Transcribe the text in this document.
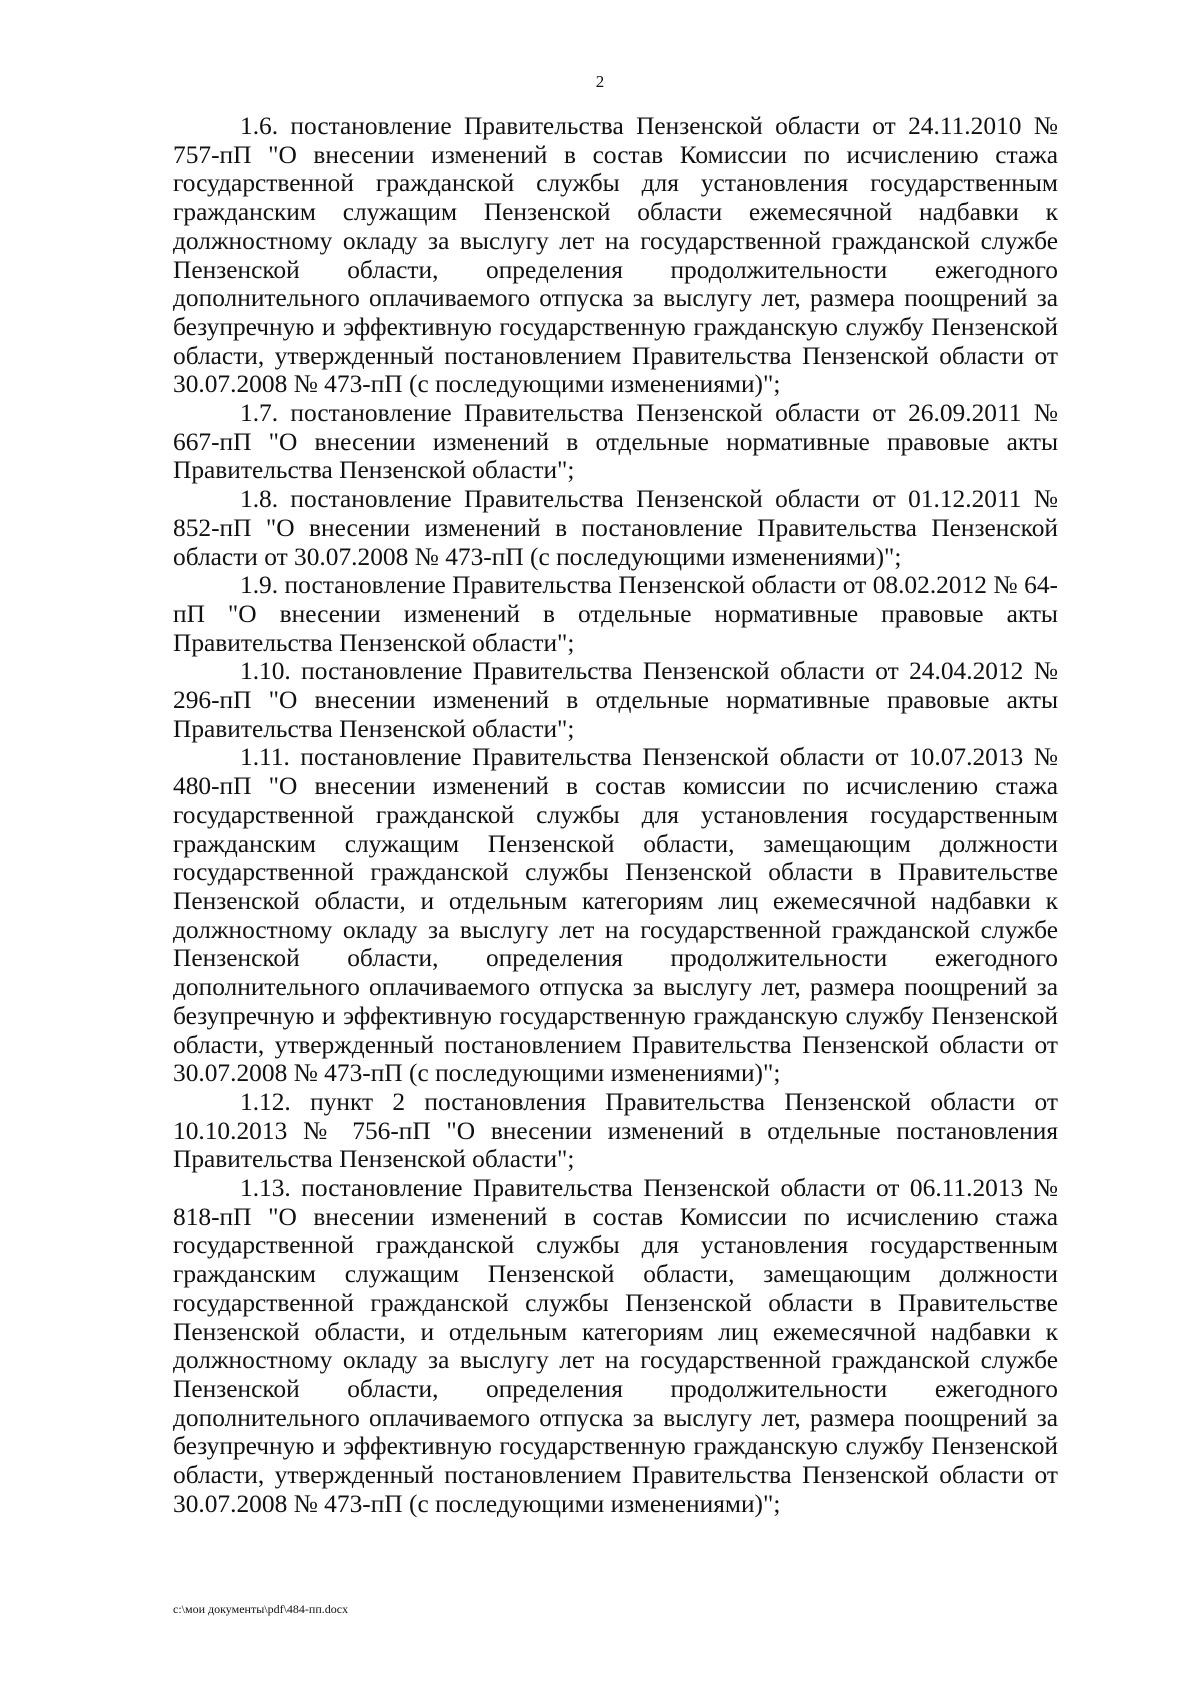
2

1.6. постановление Правительства Пензенской области от 24.11.2010 № 757-пП "О внесении изменений в состав Комиссии по исчислению стажа государственной гражданской службы для установления государственным гражданским служащим Пензенской области ежемесячной надбавки к должностному окладу за выслугу лет на государственной гражданской службе Пензенской области, определения продолжительности ежегодного дополнительного оплачиваемого отпуска за выслугу лет, размера поощрений за безупречную и эффективную государственную гражданскую службу Пензенской области, утвержденный постановлением Правительства Пензенской области от 30.07.2008 № 473-пП (с последующими изменениями)";

1.7. постановление Правительства Пензенской области от 26.09.2011 № 667-пП "О внесении изменений в отдельные нормативные правовые акты Правительства Пензенской области";

1.8. постановление Правительства Пензенской области от 01.12.2011 № 852-пП "О внесении изменений в постановление Правительства Пензенской области от 30.07.2008 № 473-пП (с последующими изменениями)";

1.9. постановление Правительства Пензенской области от 08.02.2012 № 64-пП "О внесении изменений в отдельные нормативные правовые акты Правительства Пензенской области";

1.10. постановление Правительства Пензенской области от 24.04.2012 № 296-пП "О внесении изменений в отдельные нормативные правовые акты Правительства Пензенской области";

1.11. постановление Правительства Пензенской области от 10.07.2013 № 480-пП "О внесении изменений в состав комиссии по исчислению стажа государственной гражданской службы для установления государственным гражданским служащим Пензенской области, замещающим должности государственной гражданской службы Пензенской области в Правительстве Пензенской области, и отдельным категориям лиц ежемесячной надбавки к должностному окладу за выслугу лет на государственной гражданской службе Пензенской области, определения продолжительности ежегодного дополнительного оплачиваемого отпуска за выслугу лет, размера поощрений за безупречную и эффективную государственную гражданскую службу Пензенской области, утвержденный постановлением Правительства Пензенской области от 30.07.2008 № 473-пП (с последующими изменениями)";

1.12. пункт 2 постановления Правительства Пензенской области от 10.10.2013 № 756-пП "О внесении изменений в отдельные постановления Правительства Пензенской области";

1.13. постановление Правительства Пензенской области от 06.11.2013 № 818-пП "О внесении изменений в состав Комиссии по исчислению стажа государственной гражданской службы для установления государственным гражданским служащим Пензенской области, замещающим должности государственной гражданской службы Пензенской области в Правительстве Пензенской области, и отдельным категориям лиц ежемесячной надбавки к должностному окладу за выслугу лет на государственной гражданской службе Пензенской области, определения продолжительности ежегодного дополнительного оплачиваемого отпуска за выслугу лет, размера поощрений за безупречную и эффективную государственную гражданскую службу Пензенской области, утвержденный постановлением Правительства Пензенской области от 30.07.2008 № 473-пП (с последующими изменениями)";

c:\мои документы\pdf\484-пп.docx
